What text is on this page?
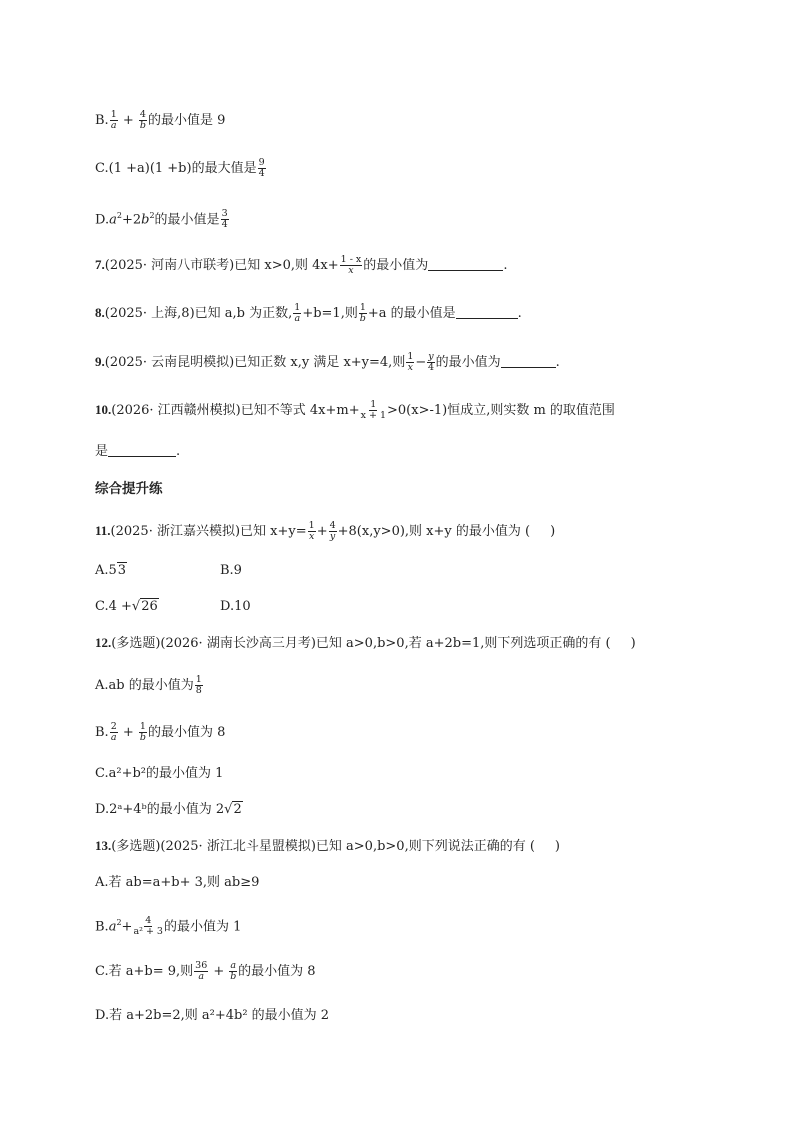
B. $\frac{1}{a} + \frac{4}{b}$ 的最小值是 9
C.(1 +a)(1 +b)的最大值是 $\frac{9}{4}$
$D.a^2+2b^2$的最小值是 $\frac{3}{4}$
7.(2025· 河南八市联考)已知 x>0,则 $4x+ \frac{1 - x}{x}$ 的最小值为	.
8.(2025· 上海,8)已知 a,b 为正数, $\frac{1}{a} +b=1$,则 $\frac{1}{b} +a$ 的最小值是	.
9.(2025· 云南昆明模拟)已知正数 x,y 满足 x+y=4,则 $\frac{1}{x} - \frac{y}{4}$ 的最小值为	.
10.(2026· 江西赣州模拟)已知不等式 $4x+m+ \frac{1}{x + 1} >0(x>-1)$恒成立,则实数 m 的取值范围
是	.
综合提升练
11.(2025· 浙江嘉兴模拟)已知 $x+y= \frac{1}{x} + \frac{4}{y} +8(x,y>0)$,则 x+y 的最小值为 ( )
A.53	B.9
C.4 +√26	D.10
12.(多选题)(2026· 湖南长沙高三月考)已知 a>0,b>0,若 a+2b=1,则下列选项正确的有 ( )
A.ab 的最小值为 $\frac{1}{8}$
B. $\frac{2}{a} + \frac{1}{b}$ 的最小值为 8
C.a²+b²的最小值为 1
D.2ᵃ+4ᵇ的最小值为 2√2
13.(多选题)(2025· 浙江北斗星盟模拟)已知 a>0,b>0,则下列说法正确的有 ( )
A.若 ab=a+b+ 3,则 ab≥9
$B.a^2+ \frac{4}{\text{a² + 3}}$ 的最小值为 1
C.若 a+b= 9,则 $\frac{36}{a} + \frac{a}{b}$ 的最小值为 8
D.若 a+2b=2,则 a²+4b² 的最小值为 2
